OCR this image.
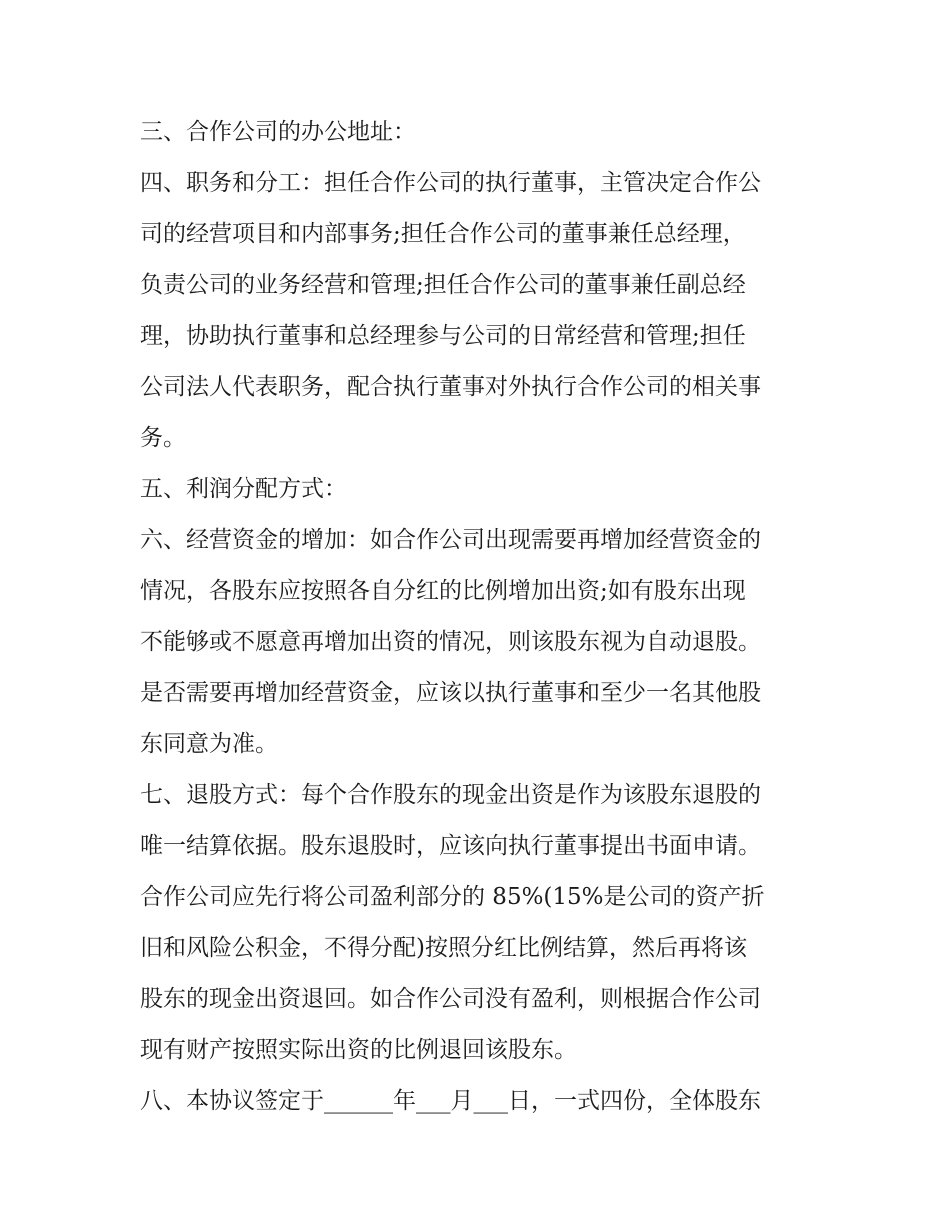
三、合作公司的办公地址：
四、职务和分工：担任合作公司的执行董事，主管决定合作公
司的经营项目和内部事务;担任合作公司的董事兼任总经理，
负责公司的业务经营和管理;担任合作公司的董事兼任副总经
理，协助执行董事和总经理参与公司的日常经营和管理;担任
公司法人代表职务，配合执行董事对外执行合作公司的相关事
务。
五、利润分配方式：
六、经营资金的增加：如合作公司出现需要再增加经营资金的
情况，各股东应按照各自分红的比例增加出资;如有股东出现
不能够或不愿意再增加出资的情况，则该股东视为自动退股。
是否需要再增加经营资金，应该以执行董事和至少一名其他股
东同意为准。
七、退股方式：每个合作股东的现金出资是作为该股东退股的
唯一结算依据。股东退股时，应该向执行董事提出书面申请。
合作公司应先行将公司盈利部分的 85%(15%是公司的资产折
旧和风险公积金，不得分配)按照分红比例结算，然后再将该
股东的现金出资退回。如合作公司没有盈利，则根据合作公司
现有财产按照实际出资的比例退回该股东。
八、本协议签定于______年___月___日，一式四份，全体股东
